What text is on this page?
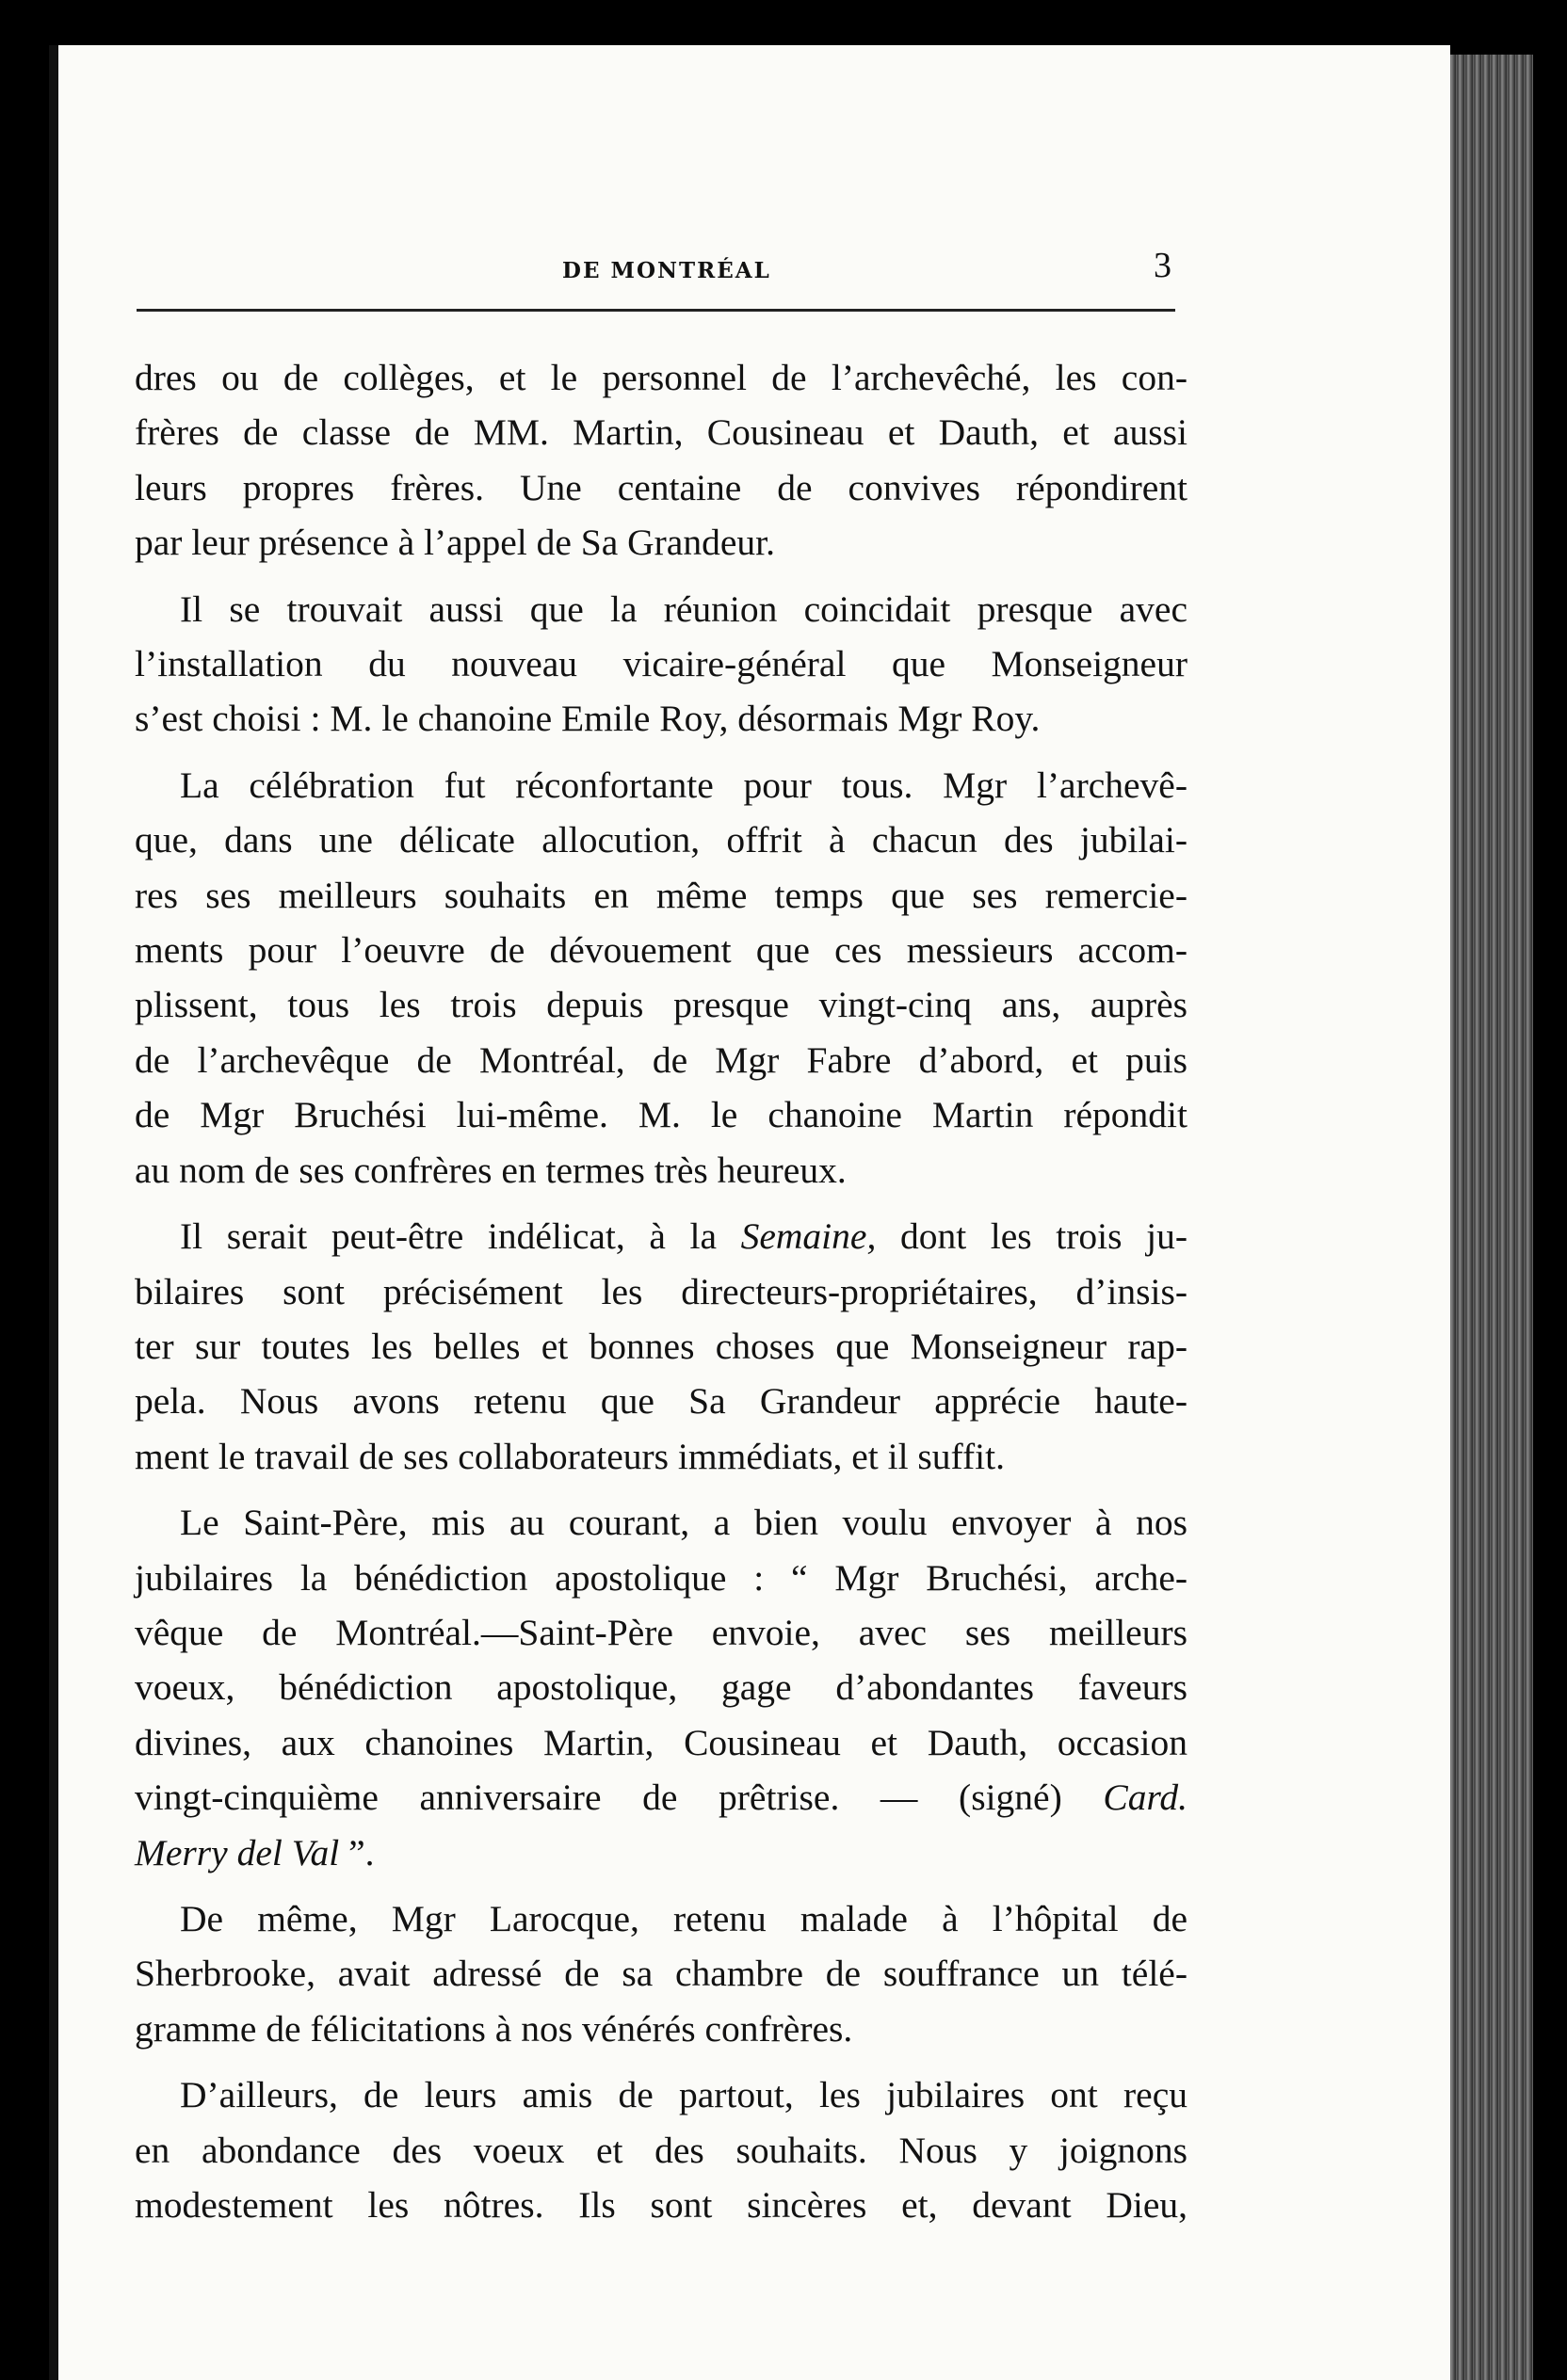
DE MONTRÉAL	3

dres ou de collèges, et le personnel de l’archevêché, les con-
frères de classe de MM. Martin, Cousineau et Dauth, et aussi
leurs propres frères. Une centaine de convives répondirent
par leur présence à l’appel de Sa Grandeur.

Il se trouvait aussi que la réunion coincidait presque avec
l’installation du nouveau vicaire-général que Monseigneur
s’est choisi : M. le chanoine Emile Roy, désormais Mgr Roy.

La célébration fut réconfortante pour tous. Mgr l’archevê-
que, dans une délicate allocution, offrit à chacun des jubilai-
res ses meilleurs souhaits en même temps que ses remercie-
ments pour l’oeuvre de dévouement que ces messieurs accom-
plissent, tous les trois depuis presque vingt-cinq ans, auprès
de l’archevêque de Montréal, de Mgr Fabre d’abord, et puis
de Mgr Bruchési lui-même. M. le chanoine Martin répondit
au nom de ses confrères en termes très heureux.

Il serait peut-être indélicat, à la Semaine, dont les trois ju-
bilaires sont précisément les directeurs-propriétaires, d’insis-
ter sur toutes les belles et bonnes choses que Monseigneur rap-
pela. Nous avons retenu que Sa Grandeur apprécie haute-
ment le travail de ses collaborateurs immédiats, et il suffit.

Le Saint-Père, mis au courant, a bien voulu envoyer à nos
jubilaires la bénédiction apostolique : “ Mgr Bruchési, arche-
vêque de Montréal.—Saint-Père envoie, avec ses meilleurs
voeux, bénédiction apostolique, gage d’abondantes faveurs
divines, aux chanoines Martin, Cousineau et Dauth, occasion
vingt-cinquième anniversaire de prêtrise. — (signé) Card.
Merry del Val ”.

De même, Mgr Larocque, retenu malade à l’hôpital de
Sherbrooke, avait adressé de sa chambre de souffrance un télé-
gramme de félicitations à nos vénérés confrères.

D’ailleurs, de leurs amis de partout, les jubilaires ont reçu
en abondance des voeux et des souhaits. Nous y joignons
modestement les nôtres. Ils sont sincères et, devant Dieu,
